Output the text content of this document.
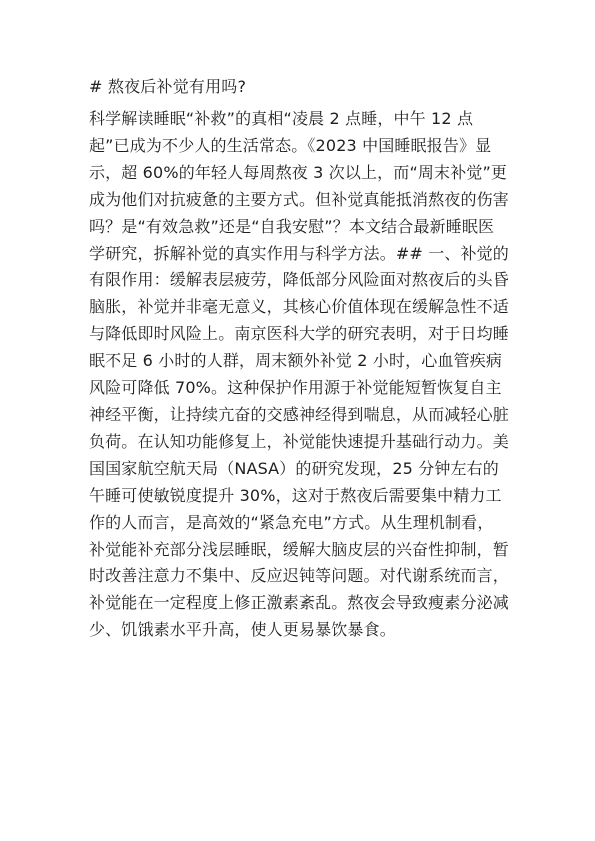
# 熬夜后补觉有用吗?
科学解读睡眠“补救”的真相“凌晨 2 点睡，中午 12 点起”已成为不少人的生活常态。《2023 中国睡眠报告》显示，超 60%的年轻人每周熬夜 3 次以上，而“周末补觉”更成为他们对抗疲惫的主要方式。但补觉真能抵消熬夜的伤害吗？是“有效急救”还是“自我安慰”？本文结合最新睡眠医学研究，拆解补觉的真实作用与科学方法。## 一、补觉的有限作用：缓解表层疲劳，降低部分风险面对熬夜后的头昏脑胀，补觉并非毫无意义，其核心价值体现在缓解急性不适与降低即时风险上。南京医科大学的研究表明，对于日均睡眠不足 6 小时的人群，周末额外补觉 2 小时，心血管疾病风险可降低 70%。这种保护作用源于补觉能短暂恢复自主神经平衡，让持续亢奋的交感神经得到喘息，从而减轻心脏负荷。在认知功能修复上，补觉能快速提升基础行动力。美国国家航空航天局（NASA）的研究发现，25 分钟左右的午睡可使敏锐度提升 30%，这对于熬夜后需要集中精力工作的人而言，是高效的“紧急充电”方式。从生理机制看，补觉能补充部分浅层睡眠，缓解大脑皮层的兴奋性抑制，暂时改善注意力不集中、反应迟钝等问题。对代谢系统而言，补觉能在一定程度上修正激素紊乱。熬夜会导致瘦素分泌减少、饥饿素水平升高，使人更易暴饮暴食。
